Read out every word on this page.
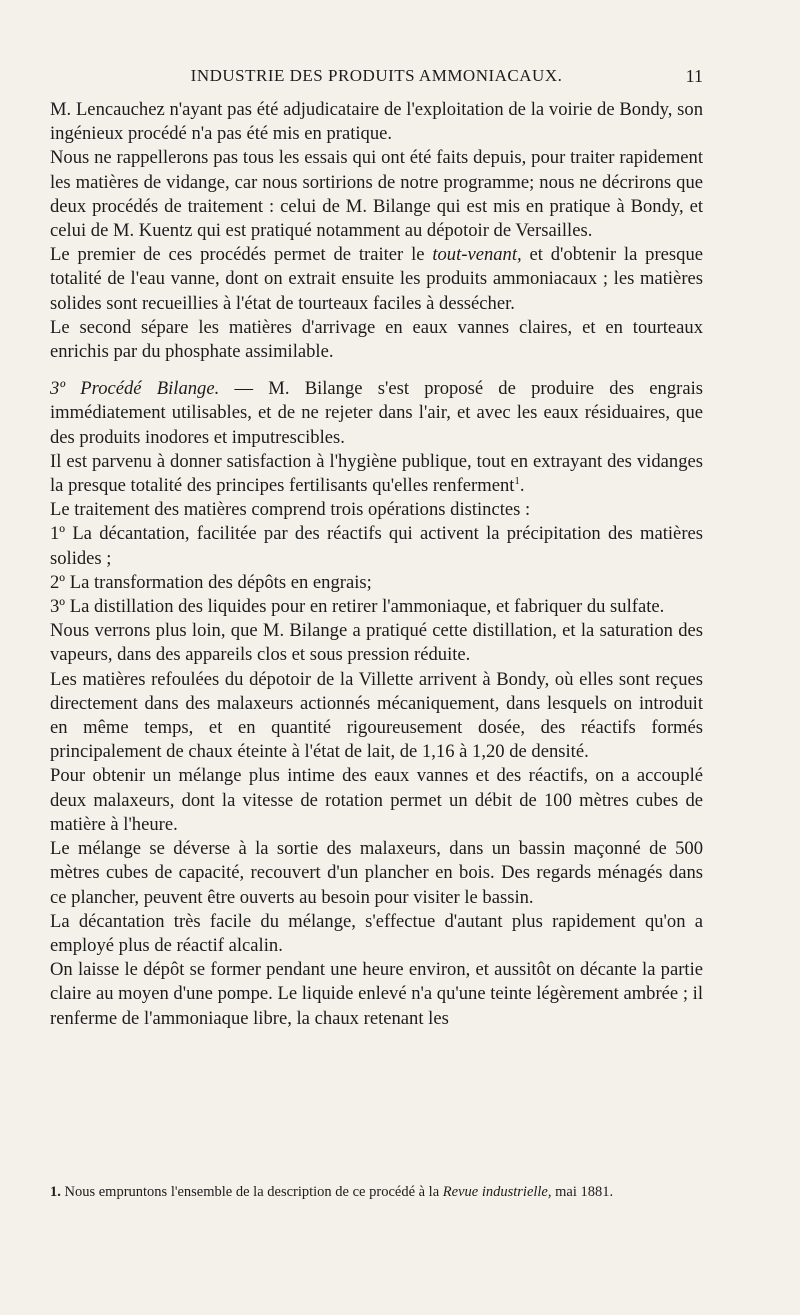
INDUSTRIE DES PRODUITS AMMONIACAUX.	11

M. Lencauchez n'ayant pas été adjudicataire de l'exploitation de la voirie de Bondy, son ingénieux procédé n'a pas été mis en pratique.

Nous ne rappellerons pas tous les essais qui ont été faits depuis, pour traiter rapidement les matières de vidange, car nous sortirions de notre programme; nous ne décrirons que deux procédés de traitement : celui de M. Bilange qui est mis en pratique à Bondy, et celui de M. Kuentz qui est pratiqué notamment au dépotoir de Versailles.

Le premier de ces procédés permet de traiter le tout-venant, et d'obtenir la presque totalité de l'eau vanne, dont on extrait ensuite les produits ammoniacaux ; les matières solides sont recueillies à l'état de tourteaux faciles à dessécher.

Le second sépare les matières d'arrivage en eaux vannes claires, et en tourteaux enrichis par du phosphate assimilable.

3º Procédé Bilange. — M. Bilange s'est proposé de produire des engrais immédiatement utilisables, et de ne rejeter dans l'air, et avec les eaux résiduaires, que des produits inodores et imputrescibles.

Il est parvenu à donner satisfaction à l'hygiène publique, tout en extrayant des vidanges la presque totalité des principes fertilisants qu'elles renferment$^1$.

Le traitement des matières comprend trois opérations distinctes :

1º La décantation, facilitée par des réactifs qui activent la précipitation des matières solides ;

2º La transformation des dépôts en engrais;

3º La distillation des liquides pour en retirer l'ammoniaque, et fabriquer du sulfate.

Nous verrons plus loin, que M. Bilange a pratiqué cette distillation, et la saturation des vapeurs, dans des appareils clos et sous pression réduite.

Les matières refoulées du dépotoir de la Villette arrivent à Bondy, où elles sont reçues directement dans des malaxeurs actionnés mécaniquement, dans lesquels on introduit en même temps, et en quantité rigoureusement dosée, des réactifs formés principalement de chaux éteinte à l'état de lait, de 1,16 à 1,20 de densité.

Pour obtenir un mélange plus intime des eaux vannes et des réactifs, on a accouplé deux malaxeurs, dont la vitesse de rotation permet un débit de 100 mètres cubes de matière à l'heure.

Le mélange se déverse à la sortie des malaxeurs, dans un bassin maçonné de 500 mètres cubes de capacité, recouvert d'un plancher en bois. Des regards ménagés dans ce plancher, peuvent être ouverts au besoin pour visiter le bassin.

La décantation très facile du mélange, s'effectue d'autant plus rapidement qu'on a employé plus de réactif alcalin.

On laisse le dépôt se former pendant une heure environ, et aussitôt on décante la partie claire au moyen d'une pompe. Le liquide enlevé n'a qu'une teinte légèrement ambrée ; il renferme de l'ammoniaque libre, la chaux retenant les

1. Nous empruntons l'ensemble de la description de ce procédé à la Revue industrielle, mai 1881.
